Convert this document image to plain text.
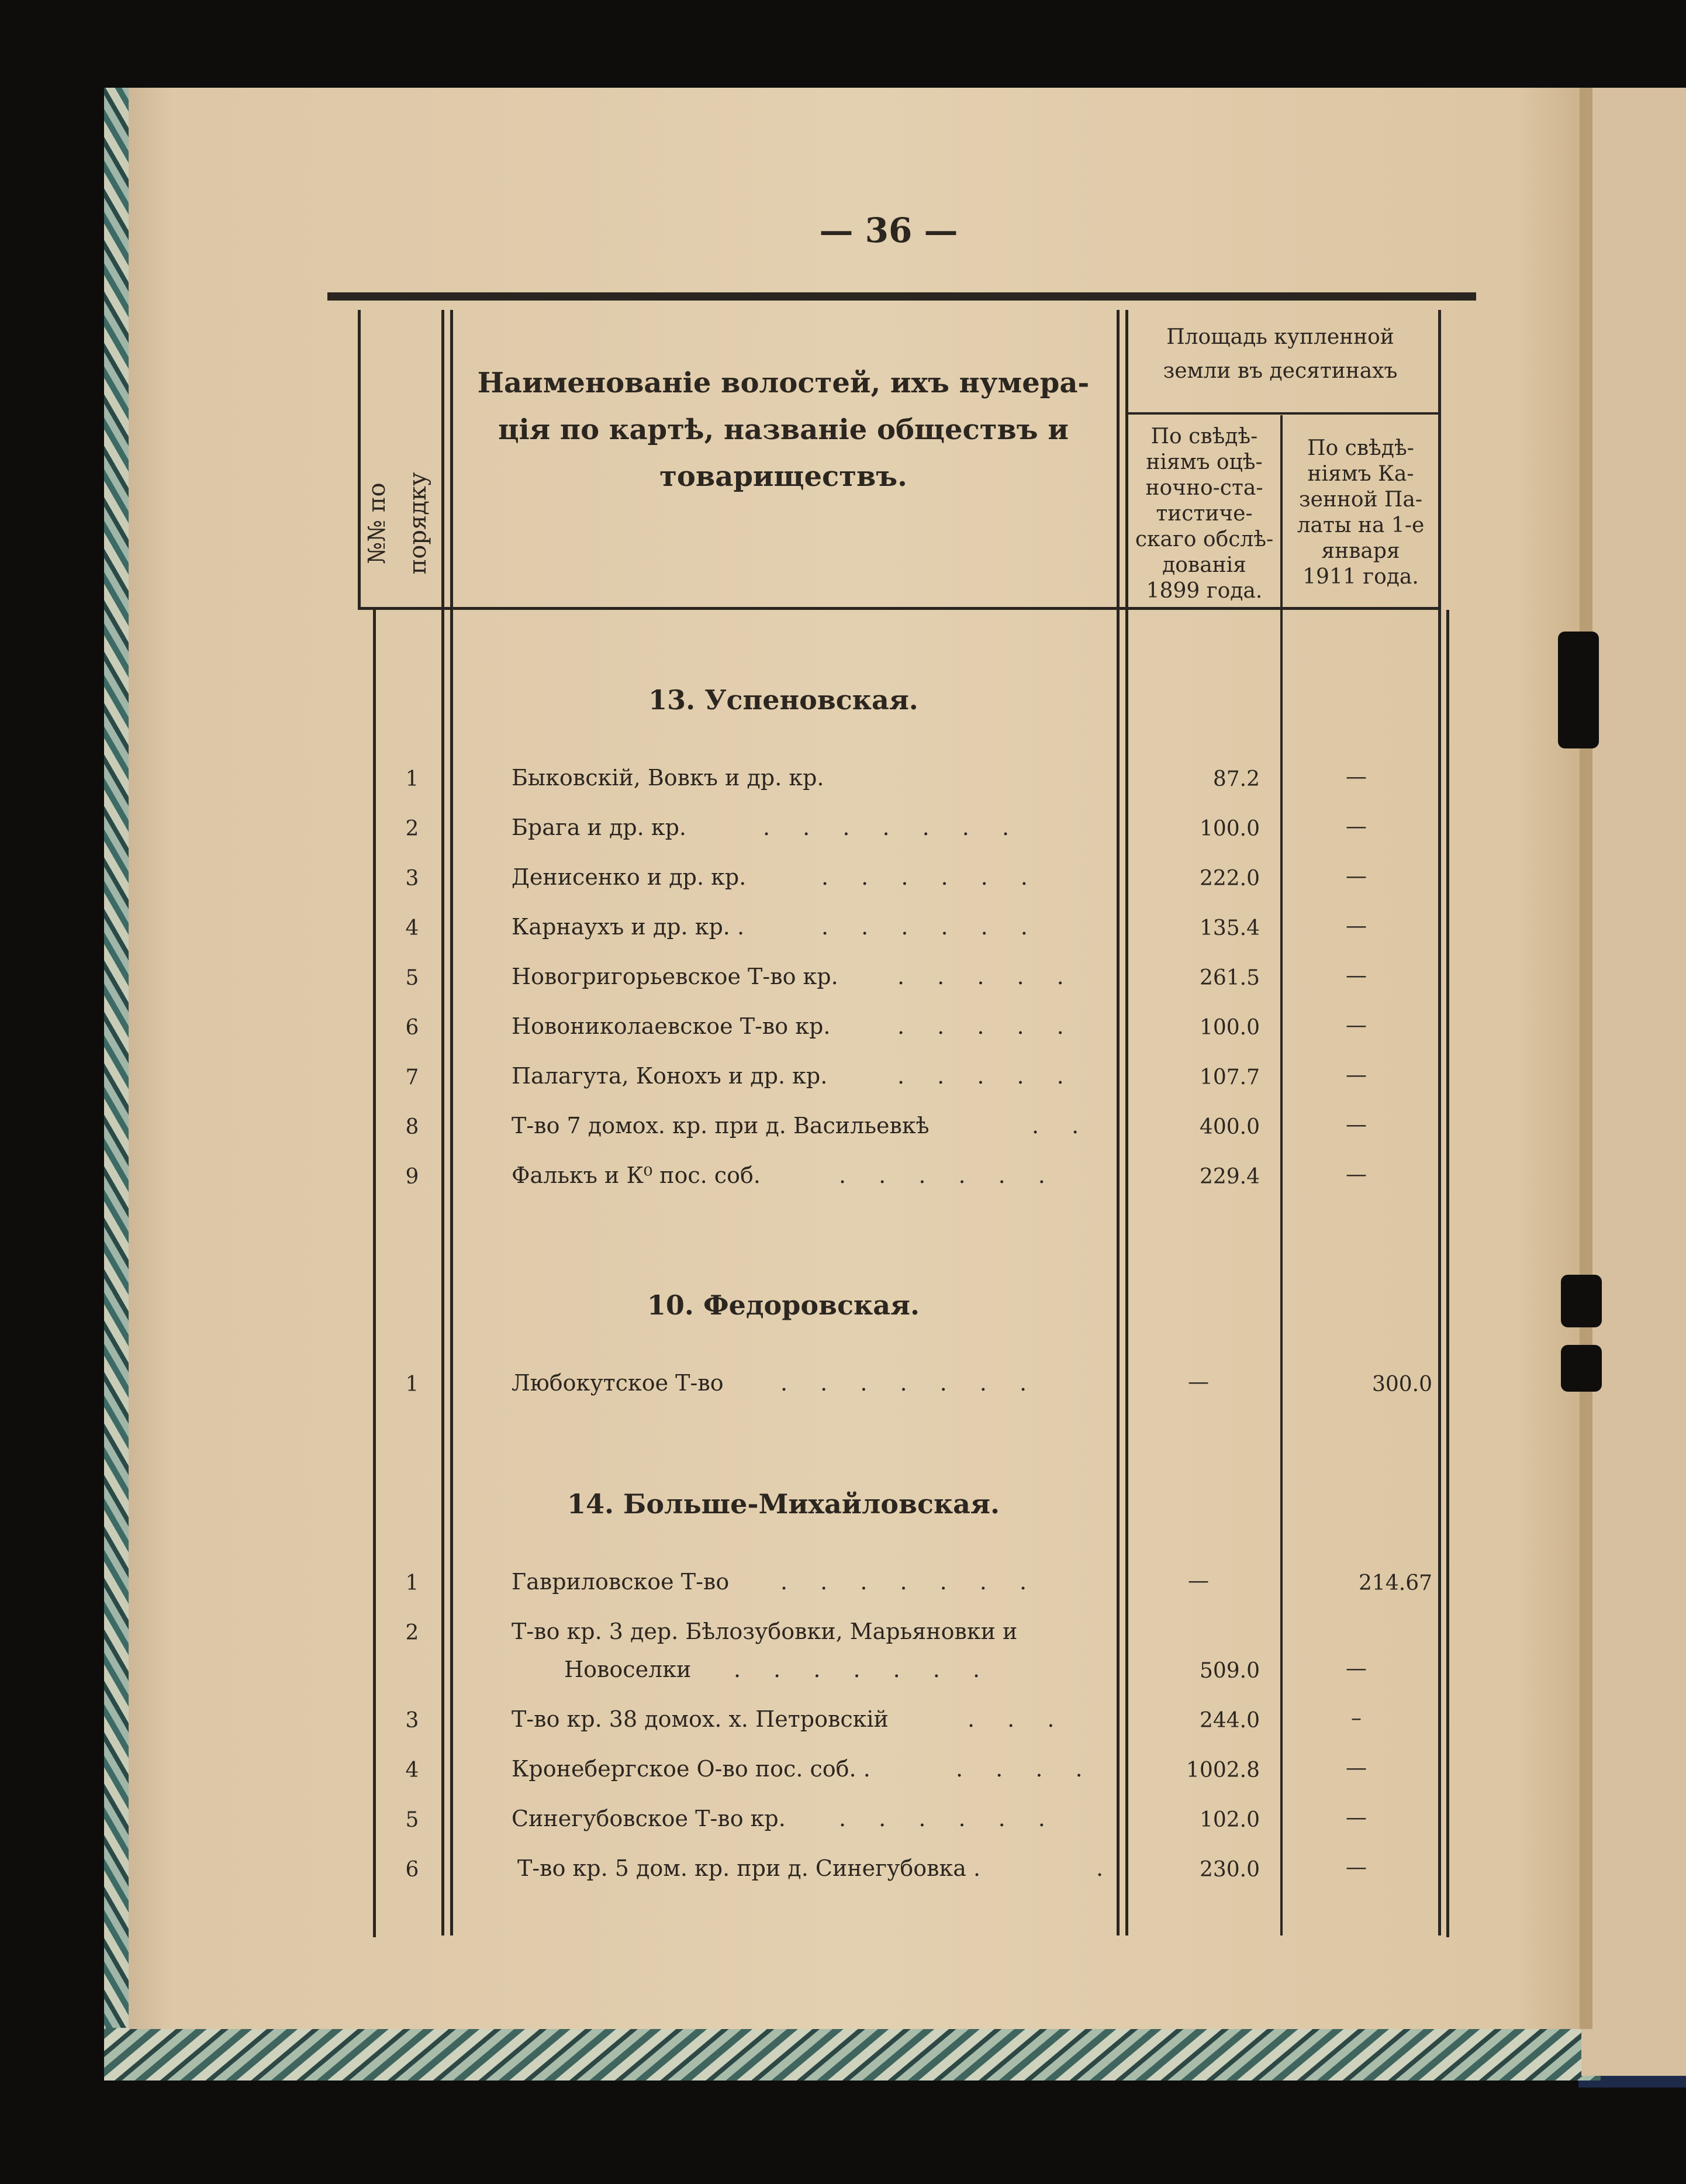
— 36 —
№№ по порядку
Наименованіе волостей, ихъ нумера-
ція по картѣ, названіе обществъ и
товариществъ.
Площадь купленной
земли въ десятинахъ
По свѣдѣ-
ніямъ оцѣ-
ночно-ста-
тистиче-
скаго обслѣ-
дованія
1899 года.
По свѣдѣ-
ніямъ Ка-
зенной Па-
латы на 1-е
января
1911 года.
13. Успеновская.
1	Быковскій, Вовкъ и др. кр.	87.2	—
2	Брага и др. кр.	. . . . . . .	100.0	—
3	Денисенко и др. кр.	. . . . . .	222.0	—
4	Карнаухъ и др. кр. .	. . . . . .	135.4	—
5	Новогригорьевское Т-во кр.	. . . . .	261.5	—
6	Новониколаевское Т-во кр.	. . . . .	100.0	—
7	Палагута, Конохъ и др. кр.	. . . . .	107.7	—
8	Т-во 7 домох. кр. при д. Васильевкѣ	. .	400.0	—
9	Фалькъ и К⁰ пос. соб.	. . . . . .	229.4	—
10. Федоровская.
1	Любокутское Т-во	. . . . . . .	—	300.0
14. Больше-Михайловская.
1	Гавриловское Т-во . . . . . . .	—	214.67
2	Т-во кр. 3 дер. Бѣлозубовки, Марьяновки и
Новоселки . . . . . . .	509.0	—
3	Т-во кр. 38 домох. х. Петровскій	. . .	244.0	–
4	Кронебергское О-во пос. соб. .	. . . .	1002.8	—
5	Синегубовское Т-во кр. . . . . . .	102.0	—
6	Т-во кр. 5 дом. кр. при д. Синегубовка .	.	230.0	—
